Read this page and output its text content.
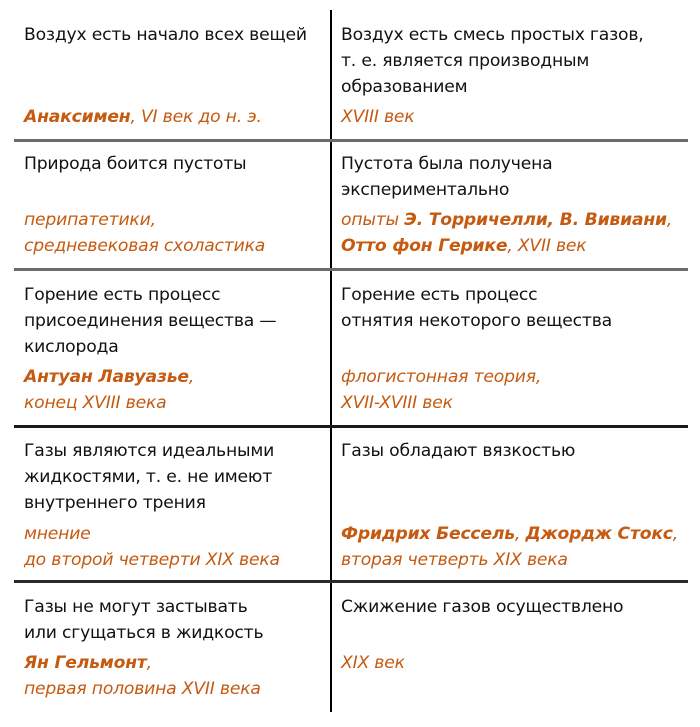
Воздух есть начало всех вещей
Анаксимен, VI век до н. э.
Воздух есть смесь простых газов,
т. е. является производным
образованием
XVIII век
Природа боится пустоты
перипатетики,
средневековая схоластика
Пустота была получена
экспериментально
опыты Э. Торричелли, В. Вивиани,
Отто фон Герике, XVII век
Горение есть процесс
присоединения вещества —
кислорода
Антуан Лавуазье,
конец XVIII века
Горение есть процесс
отнятия некоторого вещества
флогистонная теория,
XVII-XVIII век
Газы являются идеальными
жидкостями, т. е. не имеют
внутреннего трения
мнение
до второй четверти XIX века
Газы обладают вязкостью
Фридрих Бессель, Джордж Стокс,
вторая четверть XIX века
Газы не могут застывать
или сгущаться в жидкость
Ян Гельмонт,
первая половина XVII века
Сжижение газов осуществлено
XIX век
